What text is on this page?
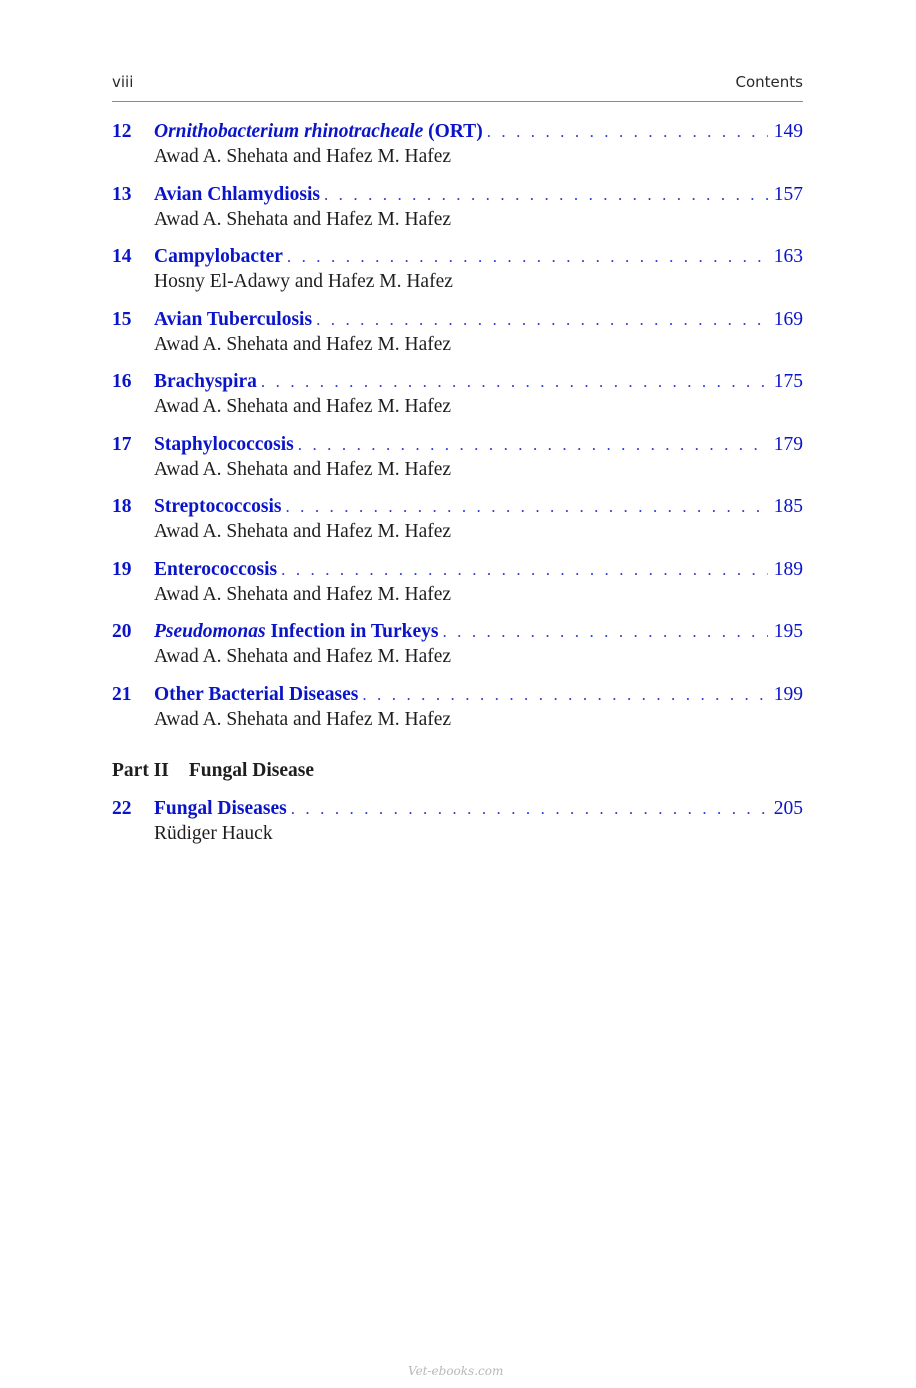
viii	Contents
12 Ornithobacterium rhinotracheale (ORT) . . .	149
Awad A. Shehata and Hafez M. Hafez
13 Avian Chlamydiosis . . .	157
Awad A. Shehata and Hafez M. Hafez
14 Campylobacter . . .	163
Hosny El-Adawy and Hafez M. Hafez
15 Avian Tuberculosis . . .	169
Awad A. Shehata and Hafez M. Hafez
16 Brachyspira . . .	175
Awad A. Shehata and Hafez M. Hafez
17 Staphylococcosis . . .	179
Awad A. Shehata and Hafez M. Hafez
18 Streptococcosis . . .	185
Awad A. Shehata and Hafez M. Hafez
19 Enterococcosis . . .	189
Awad A. Shehata and Hafez M. Hafez
20 Pseudomonas Infection in Turkeys . . .	195
Awad A. Shehata and Hafez M. Hafez
21 Other Bacterial Diseases . . .	199
Awad A. Shehata and Hafez M. Hafez
Part II Fungal Disease
22 Fungal Diseases . . .	205
Rüdiger Hauck
Vet-ebooks.com
